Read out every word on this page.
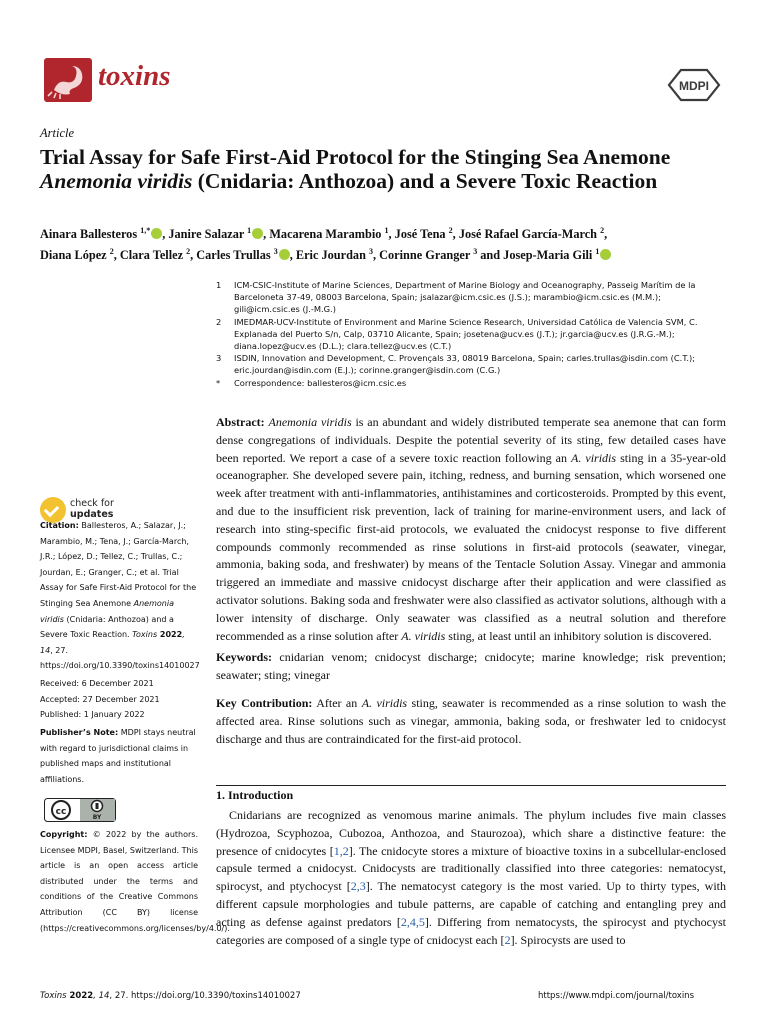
toxins	MDPI
Article
Trial Assay for Safe First-Aid Protocol for the Stinging Sea Anemone Anemonia viridis (Cnidaria: Anthozoa) and a Severe Toxic Reaction
Ainara Ballesteros $^{1,*}$ , Janire Salazar $^1$ , Macarena Marambio $^1$, José Tena $^2$, José Rafael García-March $^2$,
Diana López $^2$, Clara Tellez $^2$, Carles Trullas $^3$ , Eric Jourdan $^3$, Corinne Granger $^3$ and Josep-Maria Gili $^1$
1 ICM-CSIC-Institute of Marine Sciences, Department of Marine Biology and Oceanography, Passeig Marítim de la Barceloneta 37-49, 08003 Barcelona, Spain; jsalazar@icm.csic.es (J.S.); marambio@icm.csic.es (M.M.); gili@icm.csic.es (J.-M.G.)
2 IMEDMAR-UCV-Institute of Environment and Marine Science Research, Universidad Católica de Valencia SVM, C. Explanada del Puerto S/n, Calp, 03710 Alicante, Spain; josetena@ucv.es (J.T.); jr.garcia@ucv.es (J.R.G.-M.); diana.lopez@ucv.es (D.L.); clara.tellez@ucv.es (C.T.)
3 ISDIN, Innovation and Development, C. Provençals 33, 08019 Barcelona, Spain; carles.trullas@isdin.com (C.T.); eric.jourdan@isdin.com (E.J.); corinne.granger@isdin.com (C.G.)
* Correspondence: ballesteros@icm.csic.es
Abstract: Anemonia viridis is an abundant and widely distributed temperate sea anemone that can form dense congregations of individuals. Despite the potential severity of its sting, few detailed cases have been reported. We report a case of a severe toxic reaction following an A. viridis sting in a 35-year-old oceanographer. She developed severe pain, itching, redness, and burning sensation, which worsened one week after treatment with anti-inflammatories, antihistamines and corticosteroids. Prompted by this event, and due to the insufficient risk prevention, lack of training for marine-environment users, and lack of research into sting-specific first-aid protocols, we evaluated the cnidocyst response to five different compounds commonly recommended as rinse solutions in first-aid protocols (seawater, vinegar, ammonia, baking soda, and freshwater) by means of the Tentacle Solution Assay. Vinegar and ammonia triggered an immediate and massive cnidocyst discharge after their application and were classified as activator solutions. Baking soda and freshwater were also classified as activator solutions, although with a lower intensity of discharge. Only seawater was classified as a neutral solution and therefore recommended as a rinse solution after A. viridis sting, at least until an inhibitory solution is discovered.
Keywords: cnidarian venom; cnidocyst discharge; cnidocyte; marine knowledge; risk prevention; seawater; sting; vinegar
Key Contribution: After an A. viridis sting, seawater is recommended as a rinse solution to wash the affected area. Rinse solutions such as vinegar, ammonia, baking soda, or freshwater led to cnidocyst discharge and thus are contraindicated for the first-aid protocol.
1. Introduction
Cnidarians are recognized as venomous marine animals. The phylum includes five main classes (Hydrozoa, Scyphozoa, Cubozoa, Anthozoa, and Staurozoa), which share a distinctive feature: the presence of cnidocytes [1,2]. The cnidocyte stores a mixture of bioactive toxins in a subcellular-enclosed capsule termed a cnidocyst. Cnidocysts are traditionally classified into three categories: nematocyst, spirocyst, and ptychocyst [2,3]. The nematocyst category is the most varied. Up to thirty types, with different capsule morphologies and tubule patterns, are capable of catching and entangling prey and acting as defense against predators [2,4,5]. Differing from nematocysts, the spirocyst and ptychocyst categories are composed of a single type of cnidocyst each [2]. Spirocysts are used to
check for
updates
Citation: Ballesteros, A.; Salazar, J.; Marambio, M.; Tena, J.; García-March, J.R.; López, D.; Tellez, C.; Trullas, C.; Jourdan, E.; Granger, C.; et al. Trial Assay for Safe First-Aid Protocol for the Stinging Sea Anemone Anemonia viridis (Cnidaria: Anthozoa) and a Severe Toxic Reaction. Toxins 2022, 14, 27. https://doi.org/10.3390/toxins14010027
Received: 6 December 2021
Accepted: 27 December 2021
Published: 1 January 2022
Publisher’s Note: MDPI stays neutral with regard to jurisdictional claims in published maps and institutional affiliations.
cc
BY
Copyright: © 2022 by the authors. Licensee MDPI, Basel, Switzerland. This article is an open access article distributed under the terms and conditions of the Creative Commons Attribution (CC BY) license (https://creativecommons.org/licenses/by/4.0/).
Toxins 2022, 14, 27. https://doi.org/10.3390/toxins14010027	https://www.mdpi.com/journal/toxins
